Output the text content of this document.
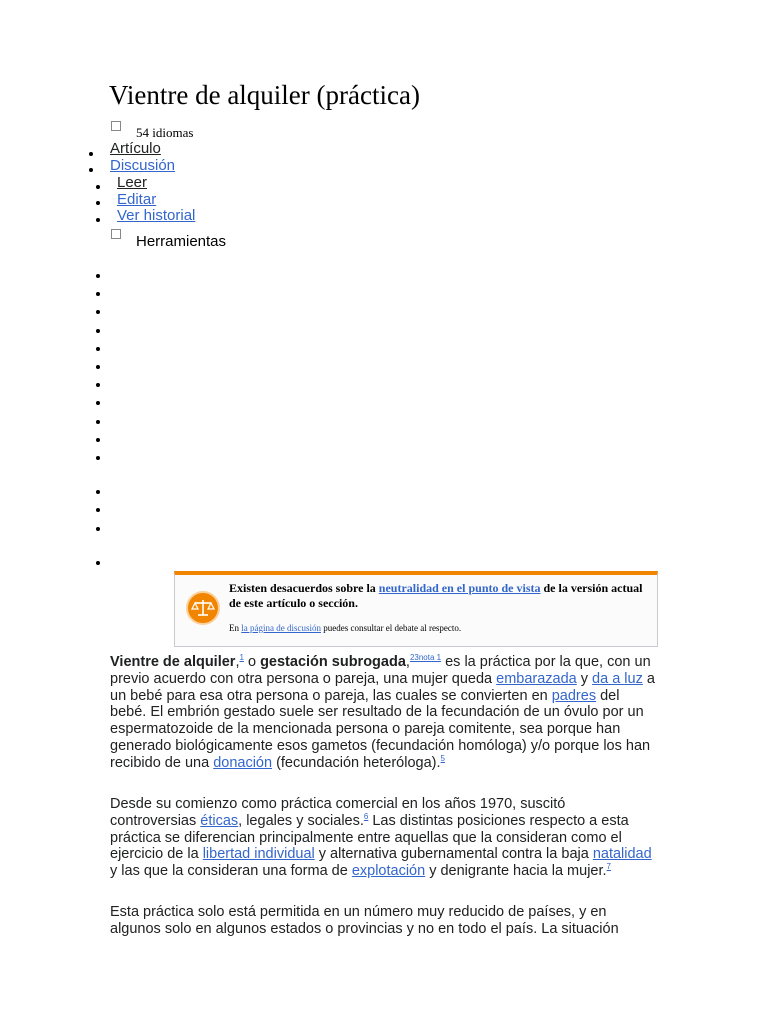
Vientre de alquiler (práctica)
54 idiomas
Artículo
Discusión
Leer
Editar
Ver historial
Herramientas
Existen desacuerdos sobre la neutralidad en el punto de vista de la versión actual de este artículo o sección.
En la página de discusión puedes consultar el debate al respecto.

Vientre de alquiler,$^1$ o gestación subrogada,$^{23nota 1}$ es la práctica por la que, con un previo acuerdo con otra persona o pareja, una mujer queda embarazada y da a luz a un bebé para esa otra persona o pareja, las cuales se convierten en padres del bebé. El embrión gestado suele ser resultado de la fecundación de un óvulo por un espermatozoide de la mencionada persona o pareja comitente, sea porque han generado biológicamente esos gametos (fecundación homóloga) y/o porque los han recibido de una donación (fecundación heteróloga).$^5$

Desde su comienzo como práctica comercial en los años 1970, suscitó controversias éticas, legales y sociales.$^6$ Las distintas posiciones respecto a esta práctica se diferencian principalmente entre aquellas que la consideran como el ejercicio de la libertad individual y alternativa gubernamental contra la baja natalidad y las que la consideran una forma de explotación y denigrante hacia la mujer.$^7$

Esta práctica solo está permitida en un número muy reducido de países, y en algunos solo en algunos estados o provincias y no en todo el país. La situación
